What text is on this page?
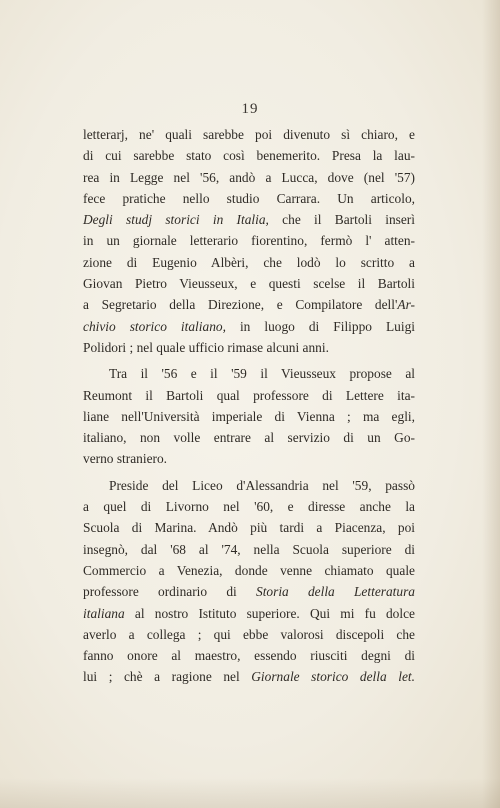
19
letterarj, ne' quali sarebbe poi divenuto sì chiaro, e
di cui sarebbe stato così benemerito. Presa la lau-
rea in Legge nel '56, andò a Lucca, dove (nel '57)
fece pratiche nello studio Carrara. Un articolo,
Degli studj storici in Italia, che il Bartoli inserì
in un giornale letterario fiorentino, fermò l' atten-
zione di Eugenio Albèri, che lodò lo scritto a
Giovan Pietro Vieusseux, e questi scelse il Bartoli
a Segretario della Direzione, e Compilatore dell'Ar-
chivio storico italiano, in luogo di Filippo Luigi
Polidori ; nel quale ufficio rimase alcuni anni.
Tra il '56 e il '59 il Vieusseux propose al
Reumont il Bartoli qual professore di Lettere ita-
liane nell'Università imperiale di Vienna ; ma egli,
italiano, non volle entrare al servizio di un Go-
verno straniero.
Preside del Liceo d'Alessandria nel '59, passò
a quel di Livorno nel '60, e diresse anche la
Scuola di Marina. Andò più tardi a Piacenza, poi
insegnò, dal '68 al '74, nella Scuola superiore di
Commercio a Venezia, donde venne chiamato quale
professore ordinario di Storia della Letteratura
italiana al nostro Istituto superiore. Qui mi fu dolce
averlo a collega ; qui ebbe valorosi discepoli che
fanno onore al maestro, essendo riusciti degni di
lui ; chè a ragione nel Giornale storico della let.
